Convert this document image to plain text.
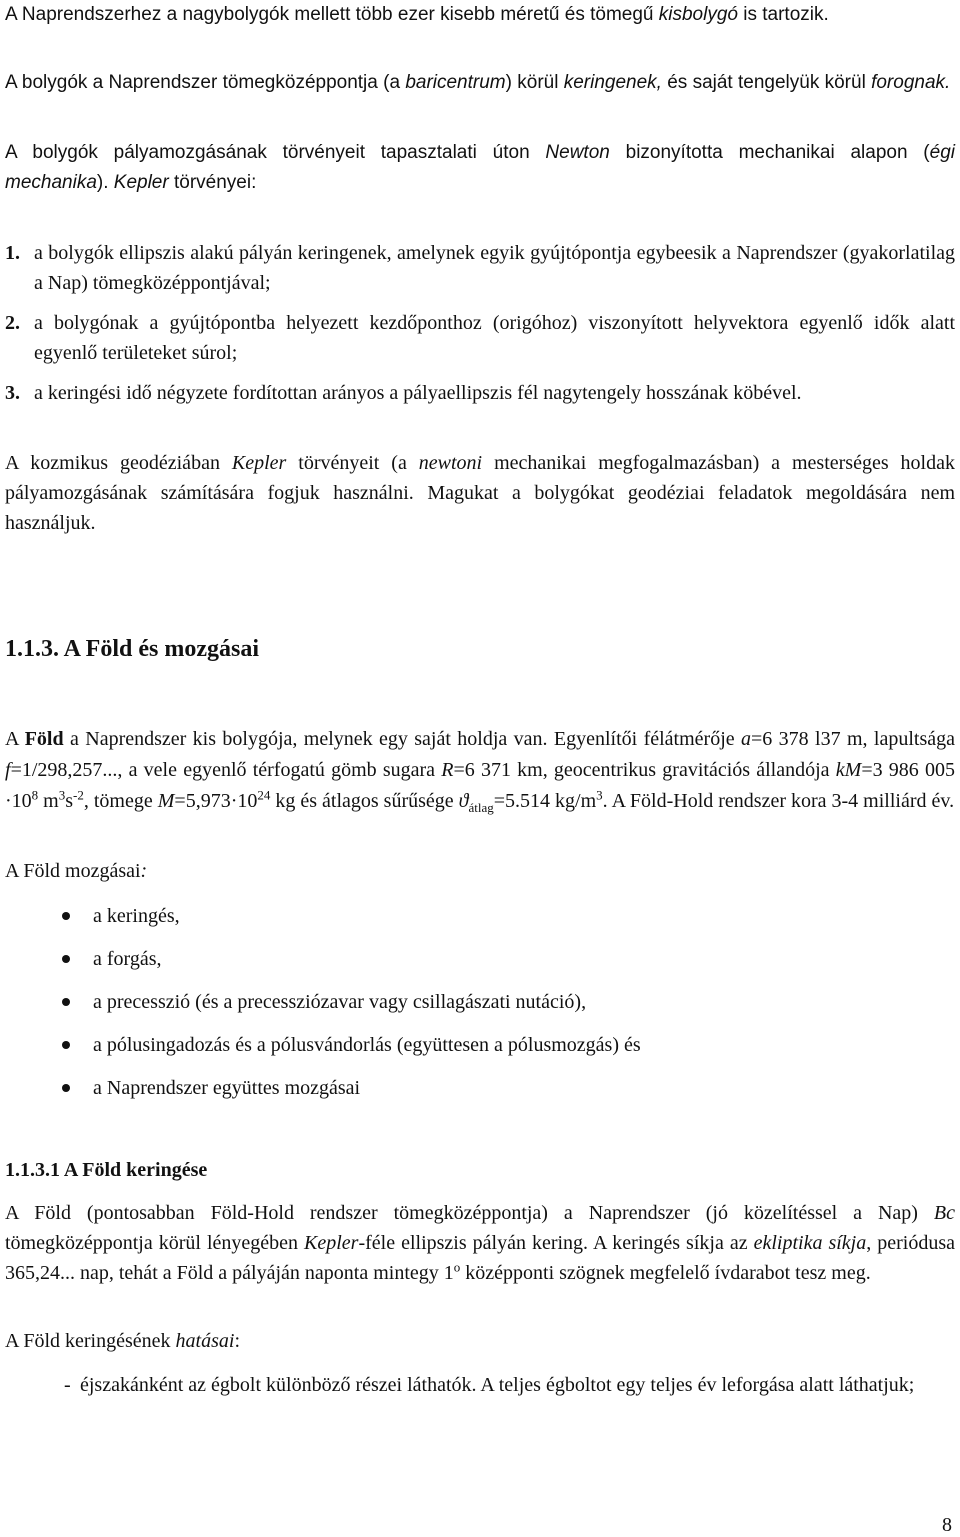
A Naprendszerhez a nagybolygók mellett több ezer kisebb méretű és tömegű kisbolygó is tartozik.
A bolygók a Naprendszer tömegközéppontja (a baricentrum) körül keringenek, és saját tengelyük körül forognak.
A bolygók pályamozgásának törvényeit tapasztalati úton Newton bizonyította mechanikai alapon (égi mechanika). Kepler törvényei:
1. a bolygók ellipszis alakú pályán keringenek, amelynek egyik gyújtópontja egybeesik a Naprendszer (gyakorlatilag a Nap) tömegközéppontjával;
2. a bolygónak a gyújtópontba helyezett kezdőponthoz (origóhoz) viszonyított helyvektora egyenlő idők alatt egyenlő területeket súrol;
3. a keringési idő négyzete fordítottan arányos a pályaellipszis fél nagytengely hosszának köbével.
A kozmikus geodéziában Kepler törvényeit (a newtoni mechanikai megfogalmazásban) a mesterséges holdak pályamozgásának számítására fogjuk használni. Magukat a bolygókat geodéziai feladatok megoldására nem használjuk.
1.1.3. A Föld és mozgásai
A Föld a Naprendszer kis bolygója, melynek egy saját holdja van. Egyenlítői félátmérője a=6 378 l37 m, lapultsága f=1/298,257..., a vele egyenlő térfogatú gömb sugara R=6 371 km, geocentrikus gravitációs állandója kM=3 986 $005 \cdot 10^8$ $m^3s^{-2}$, tömege $M=5,973\cdot 10^{24}$ kg és átlagos sűrűsége $ϑ_{átlag}=5.514$ $kg/m^3$. A Föld-Hold rendszer kora 3-4 milliárd év.
A Föld mozgásai:
a keringés,
a forgás,
a precesszió (és a precessziózavar vagy csillagászati nutáció),
a pólusingadozás és a pólusvándorlás (együttesen a pólusmozgás) és
a Naprendszer együttes mozgásai
1.1.3.1 A Föld keringése
A Föld (pontosabban Föld-Hold rendszer tömegközéppontja) a Naprendszer (jó közelítéssel a Nap) Bc tömegközéppontja körül lényegében Kepler-féle ellipszis pályán kering. A keringés síkja az ekliptika síkja, periódusa 365,24... nap, tehát a Föld a pályáján naponta mintegy 1$^o$ középponti szögnek megfelelő ívdarabot tesz meg.
A Föld keringésének hatásai:
- éjszakánként az égbolt különböző részei láthatók. A teljes égboltot egy teljes év leforgása alatt láthatjuk;
8
